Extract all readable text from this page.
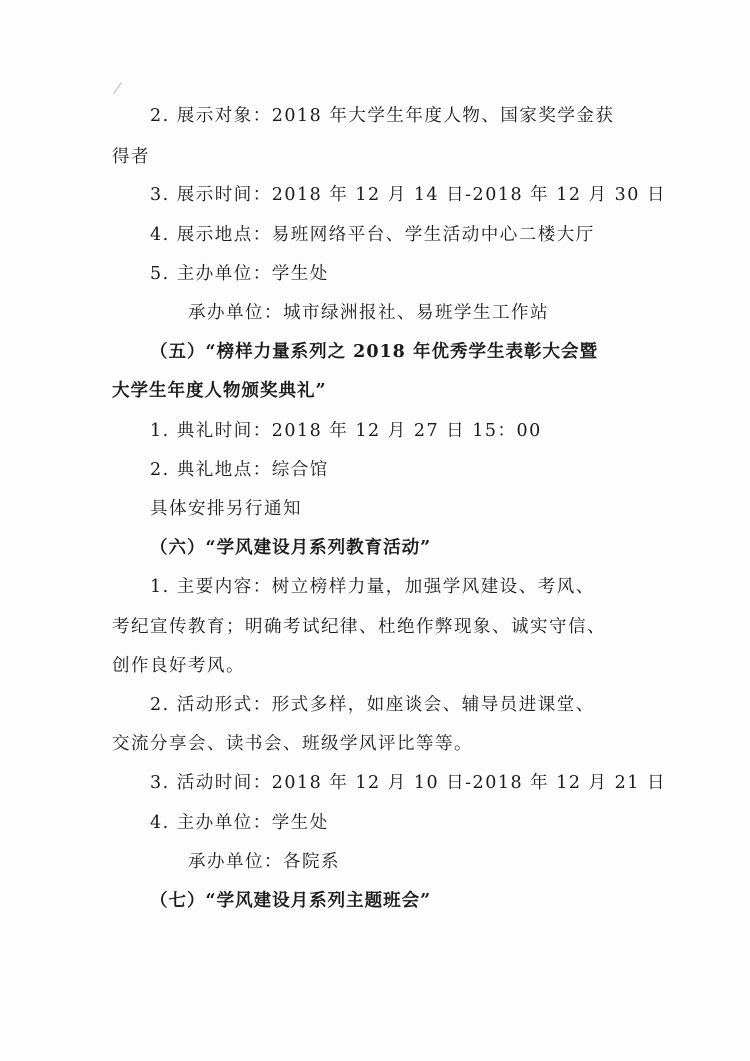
2. 展示对象：2018 年大学生年度人物、国家奖学金获
得者
3. 展示时间：2018 年 12 月 14 日-2018 年 12 月 30 日
4. 展示地点：易班网络平台、学生活动中心二楼大厅
5. 主办单位：学生处
承办单位：城市绿洲报社、易班学生工作站
（五）“榜样力量系列之 2018 年优秀学生表彰大会暨
大学生年度人物颁奖典礼”
1. 典礼时间：2018 年 12 月 27 日 15：00
2. 典礼地点：综合馆
具体安排另行通知
（六）“学风建设月系列教育活动”
1. 主要内容：树立榜样力量，加强学风建设、考风、
考纪宣传教育；明确考试纪律、杜绝作弊现象、诚实守信、
创作良好考风。
2. 活动形式：形式多样，如座谈会、辅导员进课堂、
交流分享会、读书会、班级学风评比等等。
3. 活动时间：2018 年 12 月 10 日-2018 年 12 月 21 日
4. 主办单位：学生处
承办单位：各院系
（七）“学风建设月系列主题班会”
